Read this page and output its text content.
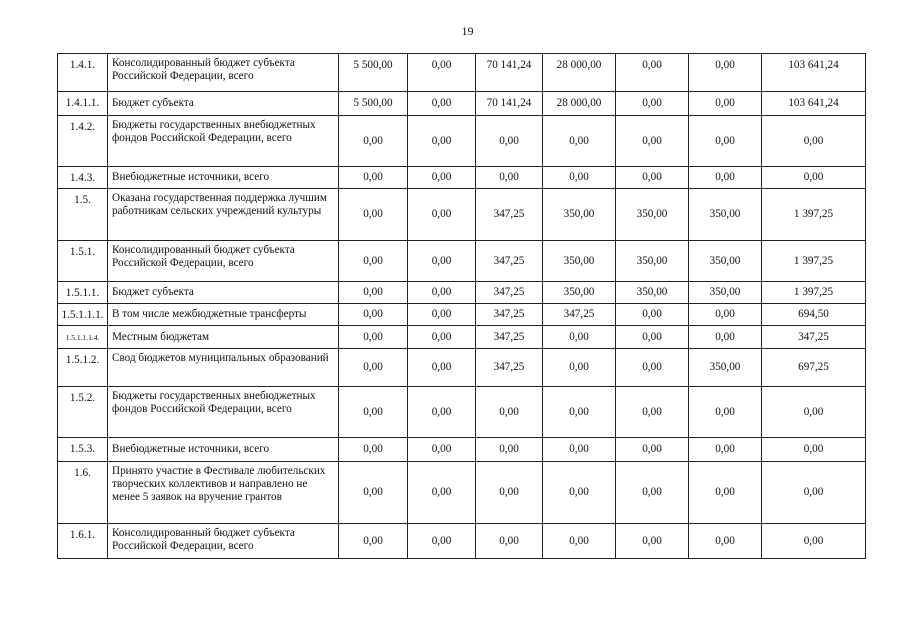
19
1.4.1.	Консолидированный бюджет субъекта Российской Федерации, всего	5 500,00	0,00	70 141,24	28 000,00	0,00	0,00	103 641,24
1.4.1.1.	Бюджет субъекта	5 500,00	0,00	70 141,24	28 000,00	0,00	0,00	103 641,24
1.4.2.	Бюджеты государственных внебюджетных фондов Российской Федерации, всего	0,00	0,00	0,00	0,00	0,00	0,00	0,00
1.4.3.	Внебюджетные источники, всего	0,00	0,00	0,00	0,00	0,00	0,00	0,00
1.5.	Оказана государственная поддержка лучшим работникам сельских учреждений культуры	0,00	0,00	347,25	350,00	350,00	350,00	1 397,25
1.5.1.	Консолидированный бюджет субъекта Российской Федерации, всего	0,00	0,00	347,25	350,00	350,00	350,00	1 397,25
1.5.1.1.	Бюджет субъекта	0,00	0,00	347,25	350,00	350,00	350,00	1 397,25
1.5.1.1.1.	В том числе межбюджетные трансферты	0,00	0,00	347,25	347,25	0,00	0,00	694,50
1.5.1.1.1.4.	Местным бюджетам	0,00	0,00	347,25	0,00	0,00	0,00	347,25
1.5.1.2.	Свод бюджетов муниципальных образований	0,00	0,00	347,25	0,00	0,00	350,00	697,25
1.5.2.	Бюджеты государственных внебюджетных фондов Российской Федерации, всего	0,00	0,00	0,00	0,00	0,00	0,00	0,00
1.5.3.	Внебюджетные источники, всего	0,00	0,00	0,00	0,00	0,00	0,00	0,00
1.6.	Принято участие в Фестивале любительских творческих коллективов и направлено не менее 5 заявок на вручение грантов	0,00	0,00	0,00	0,00	0,00	0,00	0,00
1.6.1.	Консолидированный бюджет субъекта Российской Федерации, всего	0,00	0,00	0,00	0,00	0,00	0,00	0,00
